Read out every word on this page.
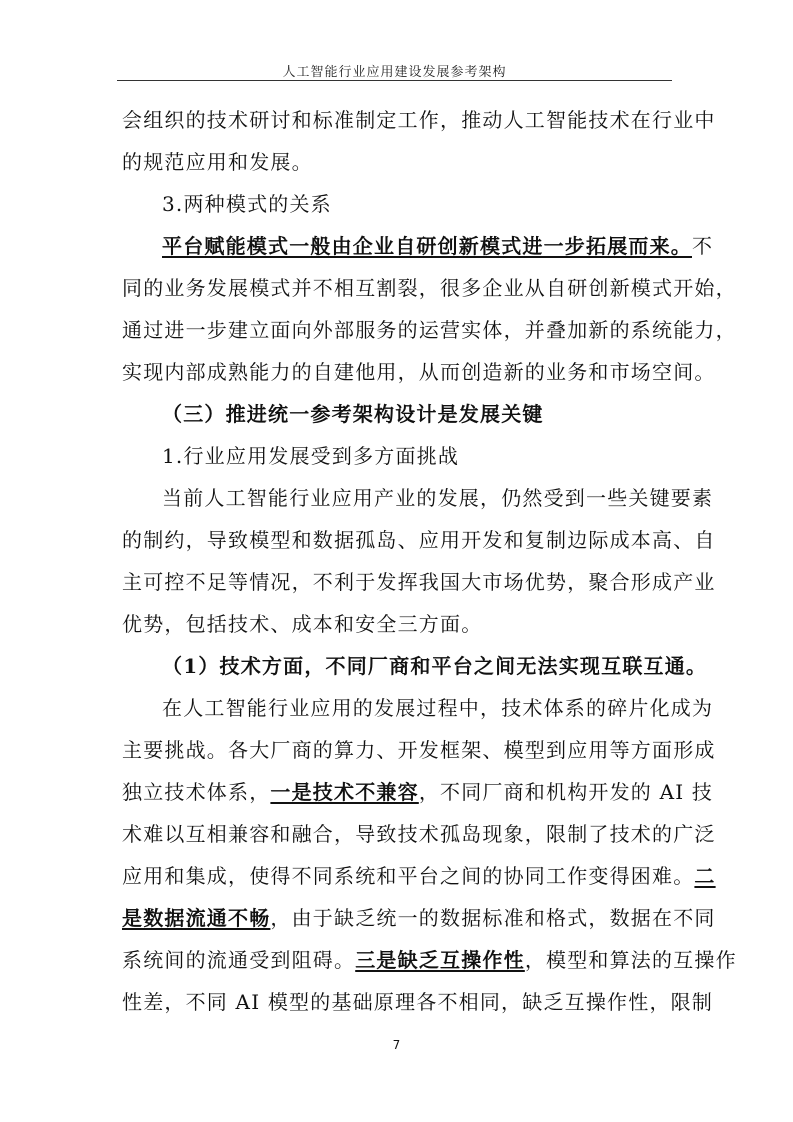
人工智能行业应用建设发展参考架构
会组织的技术研讨和标准制定工作，推动人工智能技术在行业中
的规范应用和发展。
3.两种模式的关系
平台赋能模式一般由企业自研创新模式进一步拓展而来。不
同的业务发展模式并不相互割裂，很多企业从自研创新模式开始，
通过进一步建立面向外部服务的运营实体，并叠加新的系统能力，
实现内部成熟能力的自建他用，从而创造新的业务和市场空间。
（三）推进统一参考架构设计是发展关键
1.行业应用发展受到多方面挑战
当前人工智能行业应用产业的发展，仍然受到一些关键要素
的制约，导致模型和数据孤岛、应用开发和复制边际成本高、自
主可控不足等情况，不利于发挥我国大市场优势，聚合形成产业
优势，包括技术、成本和安全三方面。
（1）技术方面，不同厂商和平台之间无法实现互联互通。
在人工智能行业应用的发展过程中，技术体系的碎片化成为
主要挑战。各大厂商的算力、开发框架、模型到应用等方面形成
独立技术体系，一是技术不兼容，不同厂商和机构开发的 AI 技
术难以互相兼容和融合，导致技术孤岛现象，限制了技术的广泛
应用和集成，使得不同系统和平台之间的协同工作变得困难。二
是数据流通不畅，由于缺乏统一的数据标准和格式，数据在不同
系统间的流通受到阻碍。三是缺乏互操作性，模型和算法的互操作
性差，不同 AI 模型的基础原理各不相同，缺乏互操作性，限制
7
